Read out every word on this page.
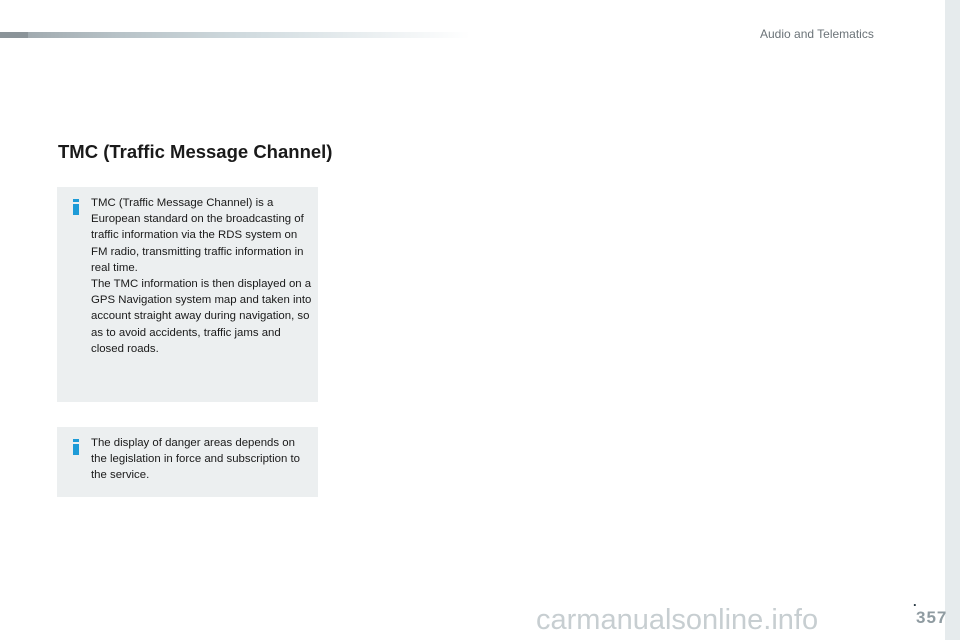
Audio and Telematics
TMC (Traffic Message Channel)

TMC (Traffic Message Channel) is a European standard on the broadcasting of traffic information via the RDS system on FM radio, transmitting traffic information in real time.

The TMC information is then displayed on a GPS Navigation system map and taken into account straight away during navigation, so as to avoid accidents, traffic jams and closed roads.

The display of danger areas depends on the legislation in force and subscription to the service.

.
carmanualsonline.info	357
